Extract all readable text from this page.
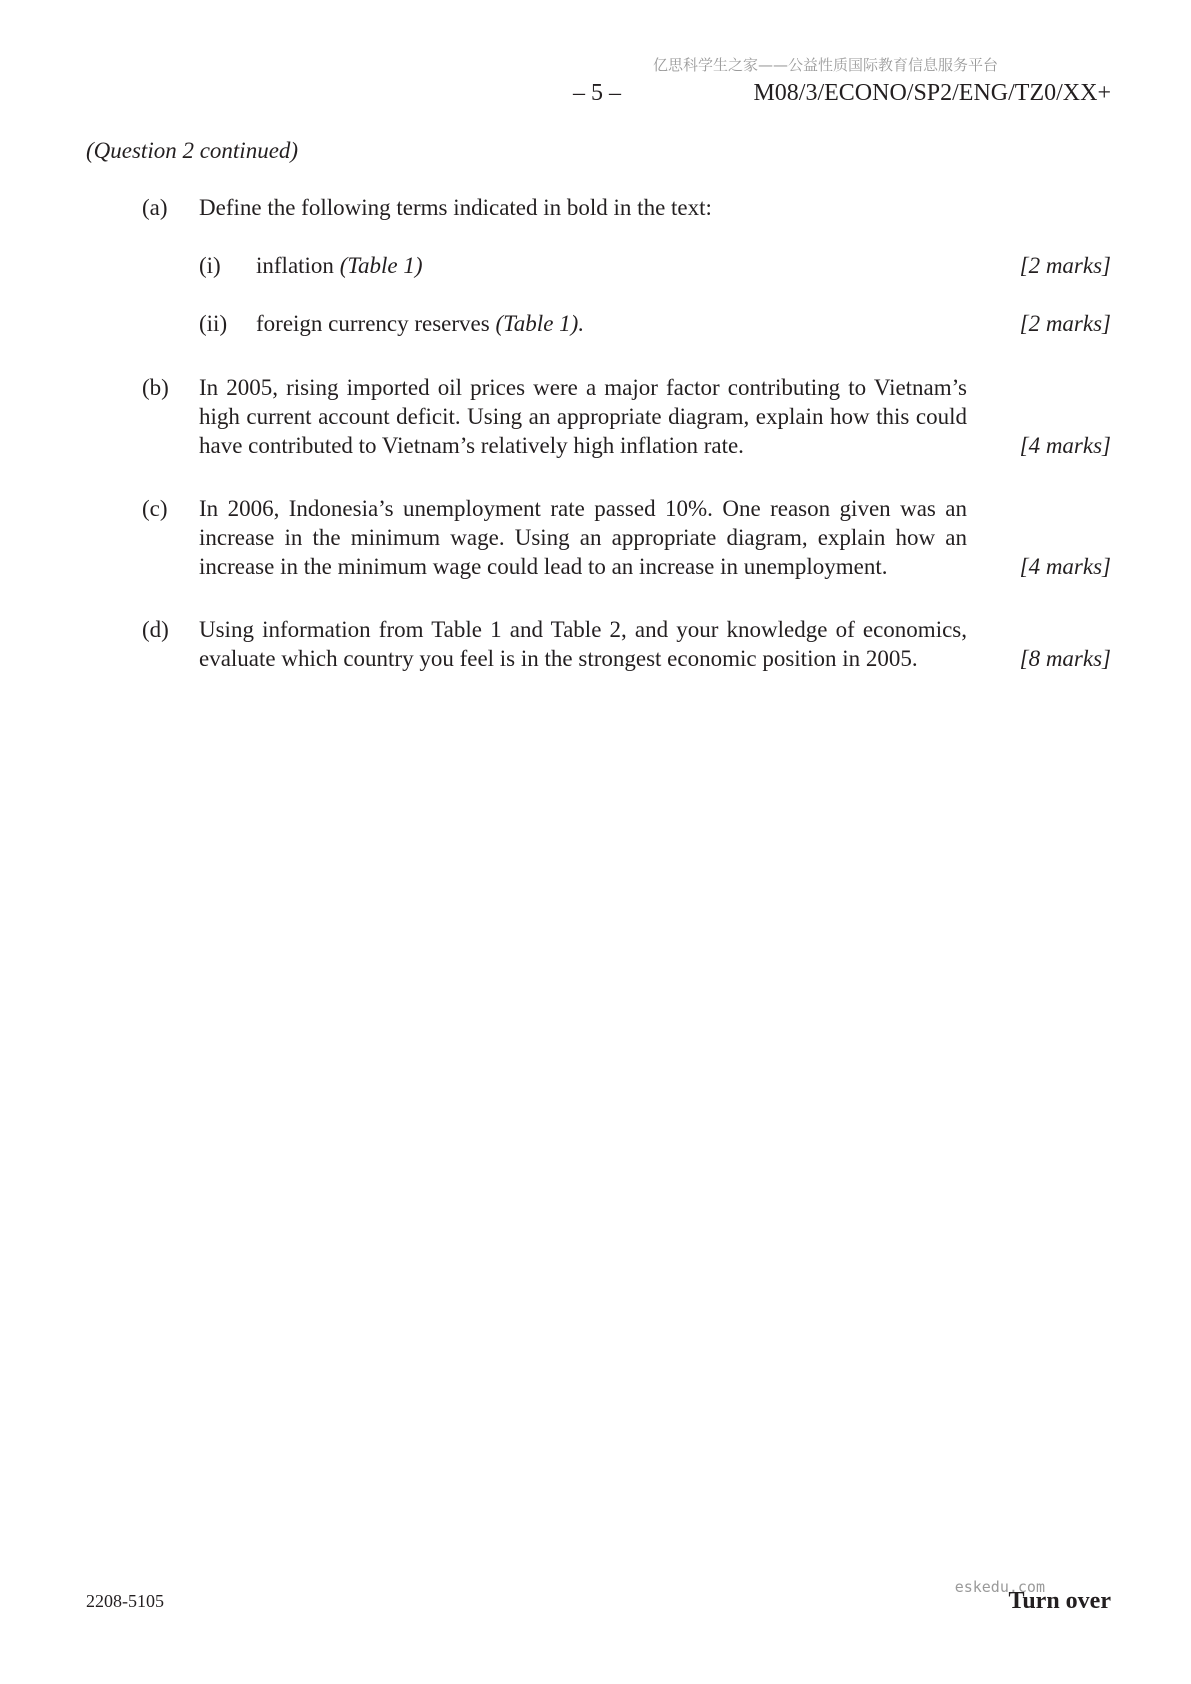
亿思科学生之家——公益性质国际教育信息服务平台
– 5 –	M08/3/ECONO/SP2/ENG/TZ0/XX+
(Question 2 continued)
(a) Define the following terms indicated in bold in the text:
(i) inflation (Table 1)	[2 marks]
(ii) foreign currency reserves (Table 1).	[2 marks]
(b) In 2005, rising imported oil prices were a major factor contributing to Vietnam’s high current account deficit. Using an appropriate diagram, explain how this could have contributed to Vietnam’s relatively high inflation rate.	[4 marks]
(c) In 2006, Indonesia’s unemployment rate passed 10%. One reason given was an increase in the minimum wage. Using an appropriate diagram, explain how an increase in the minimum wage could lead to an increase in unemployment.	[4 marks]
(d) Using information from Table 1 and Table 2, and your knowledge of economics, evaluate which country you feel is in the strongest economic position in 2005.	[8 marks]
2208-5105
eskedu.com
Turn over
